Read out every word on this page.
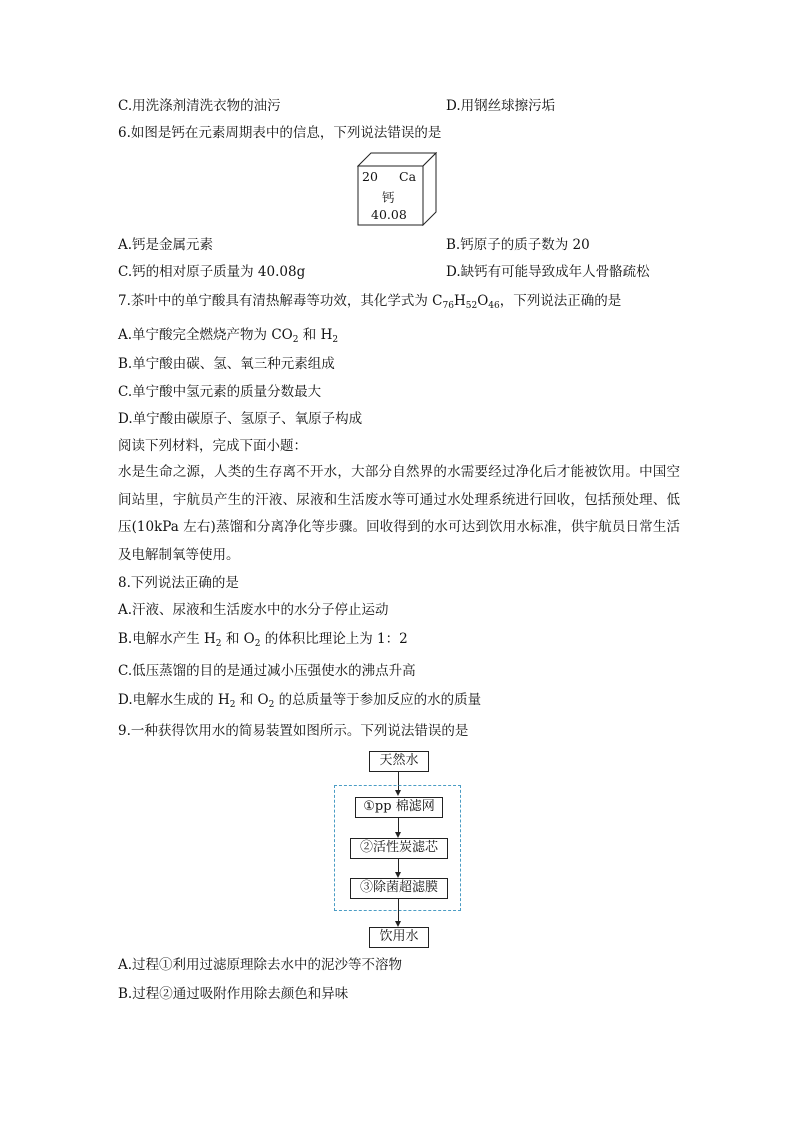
C.用洗涤剂清洗衣物的油污	D.用钢丝球擦污垢
6.如图是钙在元素周期表中的信息，下列说法错误的是
20 Ca
钙
40.08
A.钙是金属元素	B.钙原子的质子数为 20
C.钙的相对原子质量为 40.08g	D.缺钙有可能导致成年人骨骼疏松
7.茶叶中的单宁酸具有清热解毒等功效，其化学式为 $C_{76}H_{52}O_{46}$，下列说法正确的是
A.单宁酸完全燃烧产物为 $CO_2$ 和 $H_2$
B.单宁酸由碳、氢、氧三种元素组成
C.单宁酸中氢元素的质量分数最大
D.单宁酸由碳原子、氢原子、氧原子构成
阅读下列材料，完成下面小题：
水是生命之源，人类的生存离不开水，大部分自然界的水需要经过净化后才能被饮用。中国空间站里，宇航员产生的汗液、尿液和生活废水等可通过水处理系统进行回收，包括预处理、低压(10kPa 左右)蒸馏和分离净化等步骤。回收得到的水可达到饮用水标准，供宇航员日常生活及电解制氧等使用。
8.下列说法正确的是
A.汗液、尿液和生活废水中的水分子停止运动
B.电解水产生 $H_2$ 和 $O_2$ 的体积比理论上为 1：2
C.低压蒸馏的目的是通过减小压强使水的沸点升高
D.电解水生成的 $H_2$ 和 $O_2$ 的总质量等于参加反应的水的质量
9.一种获得饮用水的简易装置如图所示。下列说法错误的是
天然水
①pp 棉滤网
②活性炭滤芯
③除菌超滤膜
饮用水
A.过程①利用过滤原理除去水中的泥沙等不溶物
B.过程②通过吸附作用除去颜色和异味
